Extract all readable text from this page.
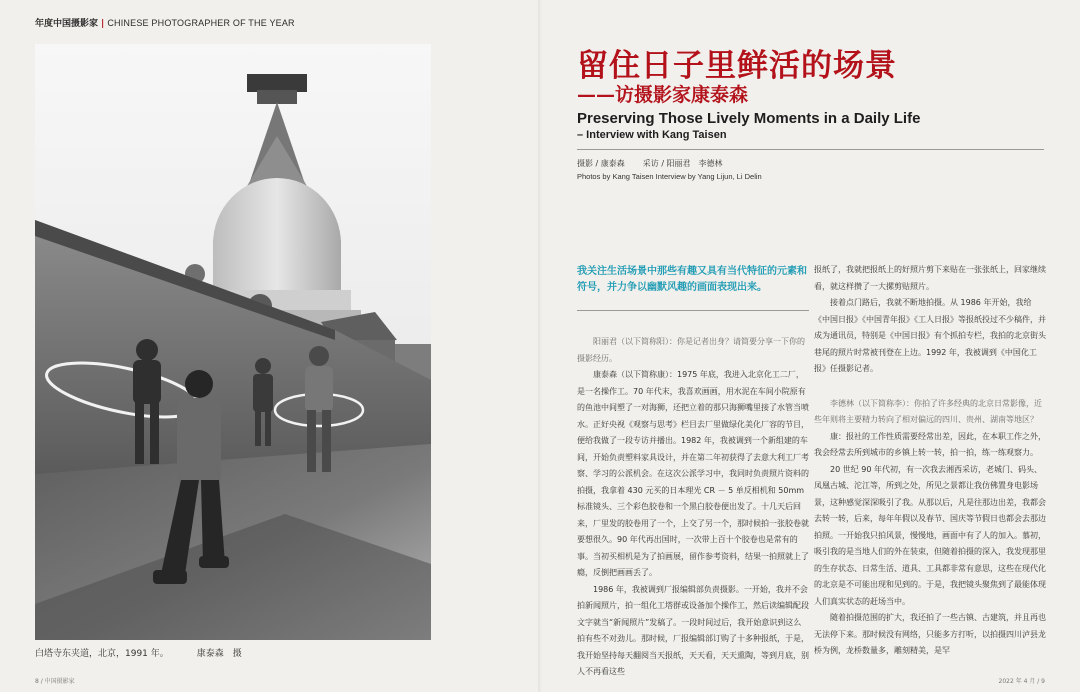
年度中国摄影家 | CHINESE PHOTOGRAPHER OF THE YEAR
白塔寺东夹道，北京，1991 年。	康泰森　摄
8 / 中国摄影家
留住日子里鲜活的场景
——访摄影家康泰森
Preserving Those Lively Moments in a Daily Life
– Interview with Kang Taisen
摄影 / 康泰森 采访 / 阳丽君　李德林
Photos by Kang Taisen Interview by Yang Lijun, Li Delin
我关注生活场景中那些有趣又具有当代特征的元素和符号，并力争以幽默风趣的画面表现出来。

阳丽君（以下简称阳）：你是记者出身？请简要分享一下你的摄影经历。

康泰森（以下简称康）：1975 年底，我进入北京化工二厂，是一名操作工。70 年代末，我喜欢画画，用水泥在车间小院原有的鱼池中间塑了一对海狮，还把立着的那只海狮嘴里接了水管当喷水。正好央视《观察与思考》栏目去厂里做绿化美化厂容的节目，便给我做了一段专访并播出。1982 年，我被调到一个新组建的车间，开始负责塑料家具设计，并在第二年初获得了去意大利工厂考察、学习的公派机会。在这次公派学习中，我同时负责照片资料的拍摄，我拿着 430 元买的日本理光 CR － 5 单反相机和 50mm 标准镜头、三个彩色胶卷和一个黑白胶卷便出发了。十几天后回来，厂里发的胶卷用了一个，上交了另一个，那时候拍一张胶卷就要想很久。90 年代再出国时，一次带上百十个胶卷也是常有的事。当初买相机是为了拍画展，留作参考资料，结果一拍照就上了瘾，反倒把画画丢了。

1986 年，我被调到厂报编辑部负责摄影。一开始，我并不会拍新闻照片，拍一组化工塔群或设备加个操作工，然后读编辑配段文字就当“新闻照片”发稿了。一段时间过后，我开始意识到这么拍有些不对劲儿。那时候，厂报编辑部订购了十多种报纸，于是，我开始坚持每天翻阅当天报纸，天天看，天天熏陶，等到月底，别人不再看这些

报纸了，我就把报纸上的好照片剪下来贴在一张张纸上，回家继续看，就这样攒了一大摞剪贴照片。

接着点门路后，我就不断地拍摄。从 1986 年开始，我给《中国日报》《中国青年报》《工人日报》等报纸投过不少稿件，并成为通讯员，特别是《中国日报》有个抓拍专栏，我拍的北京街头巷尾的照片时常被刊登在上边。1992 年，我被调到《中国化工报》任摄影记者。

李德林（以下简称李）：你拍了许多经典的北京日常影像，近些年则将主要精力转向了相对偏远的四川、贵州、湖南等地区？

康：报社的工作性质需要经常出差，因此，在本职工作之外，我会经常去所到城市的乡镇上转一转，拍一拍，练一练观察力。

20 世纪 90 年代初，有一次我去湘西采访，老城门、码头、凤凰古城、沱江等，所到之处，所见之景都让我仿佛置身电影场景，这种感觉深深吸引了我。从那以后，凡是往那边出差，我都会去转一转，后来，每年年假以及春节、国庆等节假日也都会去那边拍照。一开始我只拍风景，慢慢地，画面中有了人的加入。慕初，吸引我的是当地人们的外在装束，但随着拍摄的深入，我发现那里的生存状态、日常生活、道具、工具都非常有意思，这些在现代化的北京是不可能出现和见到的。于是，我把镜头聚焦到了最能体现人们真实状态的赶场当中。

随着拍摄范围的扩大，我还拍了一些古镇、古建筑，并且再也无法停下来。那时候没有网络，只能多方打听，以拍摄四川泸县龙桥为例，龙桥数量多，雕刻精美，是罕

2022 年 4 月 / 9
